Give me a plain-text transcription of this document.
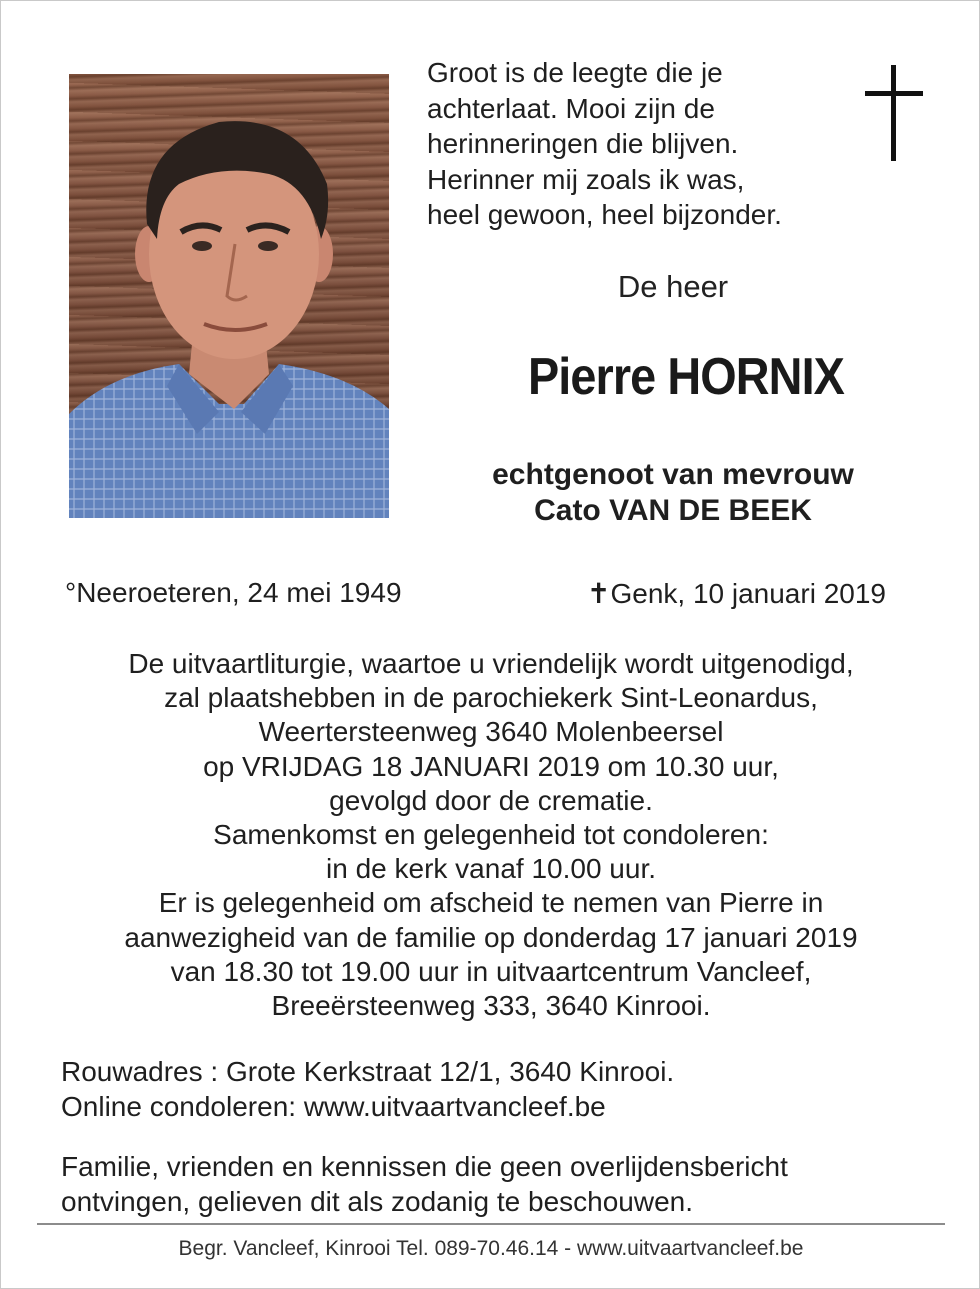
Groot is de leegte die je
achterlaat. Mooi zijn de
herinneringen die blijven.
Herinner mij zoals ik was,
heel gewoon, heel bijzonder.
De heer
Pierre HORNIX
echtgenoot van mevrouw
Cato VAN DE BEEK
°Neeroeteren, 24 mei 1949	✝Genk, 10 januari 2019
De uitvaartliturgie, waartoe u vriendelijk wordt uitgenodigd,
zal plaatshebben in de parochiekerk Sint-Leonardus,
Weertersteenweg 3640 Molenbeersel
op VRIJDAG 18 JANUARI 2019 om 10.30 uur,
gevolgd door de crematie.
Samenkomst en gelegenheid tot condoleren:
in de kerk vanaf 10.00 uur.
Er is gelegenheid om afscheid te nemen van Pierre in
aanwezigheid van de familie op donderdag 17 januari 2019
van 18.30 tot 19.00 uur in uitvaartcentrum Vancleef,
Breeërsteenweg 333, 3640 Kinrooi.
Rouwadres : Grote Kerkstraat 12/1, 3640 Kinrooi.
Online condoleren: www.uitvaartvancleef.be
Familie, vrienden en kennissen die geen overlijdensbericht
ontvingen, gelieven dit als zodanig te beschouwen.
Begr. Vancleef, Kinrooi Tel. 089-70.46.14 - www.uitvaartvancleef.be
